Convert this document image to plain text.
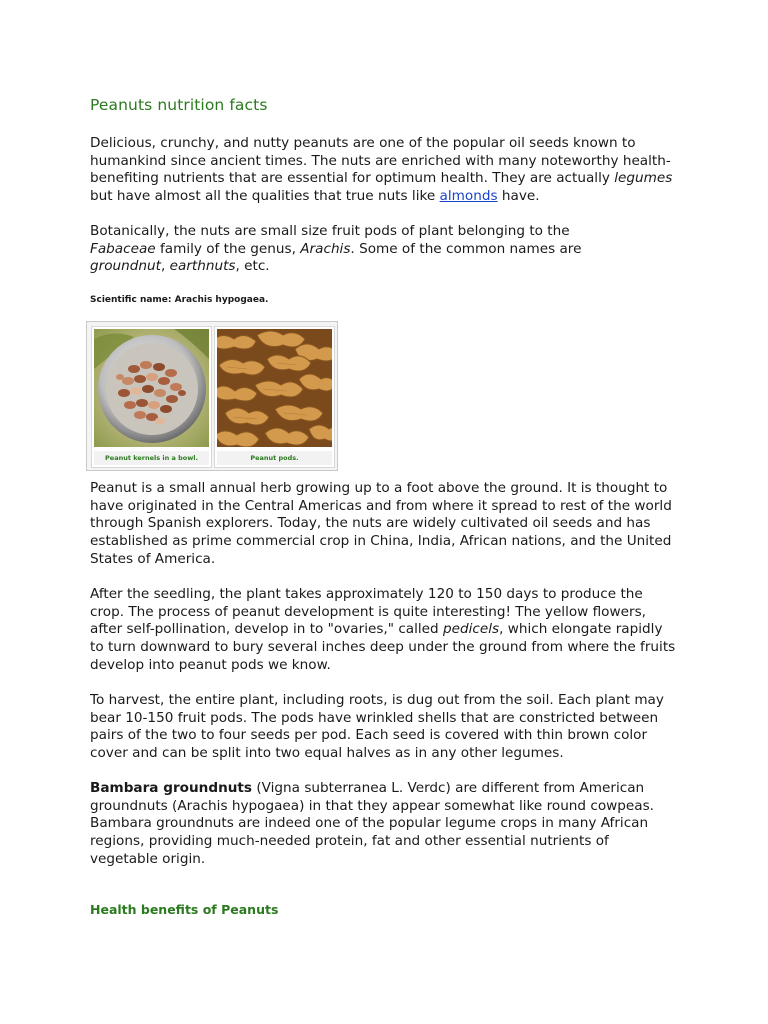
Peanuts nutrition facts

Delicious, crunchy, and nutty peanuts are one of the popular oil seeds known to humankind since ancient times. The nuts are enriched with many noteworthy health-benefiting nutrients that are essential for optimum health. They are actually legumes but have almost all the qualities that true nuts like almonds have.

Botanically, the nuts are small size fruit pods of plant belonging to the Fabaceae family of the genus, Arachis. Some of the common names are groundnut, earthnuts, etc.

Scientific name: Arachis hypogaea.

Peanut is a small annual herb growing up to a foot above the ground. It is thought to have originated in the Central Americas and from where it spread to rest of the world through Spanish explorers. Today, the nuts are widely cultivated oil seeds and has established as prime commercial crop in China, India, African nations, and the United States of America.

After the seedling, the plant takes approximately 120 to 150 days to produce the crop. The process of peanut development is quite interesting! The yellow flowers, after self-pollination, develop in to "ovaries," called pedicels, which elongate rapidly to turn downward to bury several inches deep under the ground from where the fruits develop into peanut pods we know.

To harvest, the entire plant, including roots, is dug out from the soil. Each plant may bear 10-150 fruit pods. The pods have wrinkled shells that are constricted between pairs of the two to four seeds per pod. Each seed is covered with thin brown color cover and can be split into two equal halves as in any other legumes.

Bambara groundnuts (Vigna subterranea L. Verdc) are different from American groundnuts (Arachis hypogaea) in that they appear somewhat like round cowpeas. Bambara groundnuts are indeed one of the popular legume crops in many African regions, providing much-needed protein, fat and other essential nutrients of vegetable origin.

Health benefits of Peanuts
Peanut kernels in a bowl.	Peanut pods.
